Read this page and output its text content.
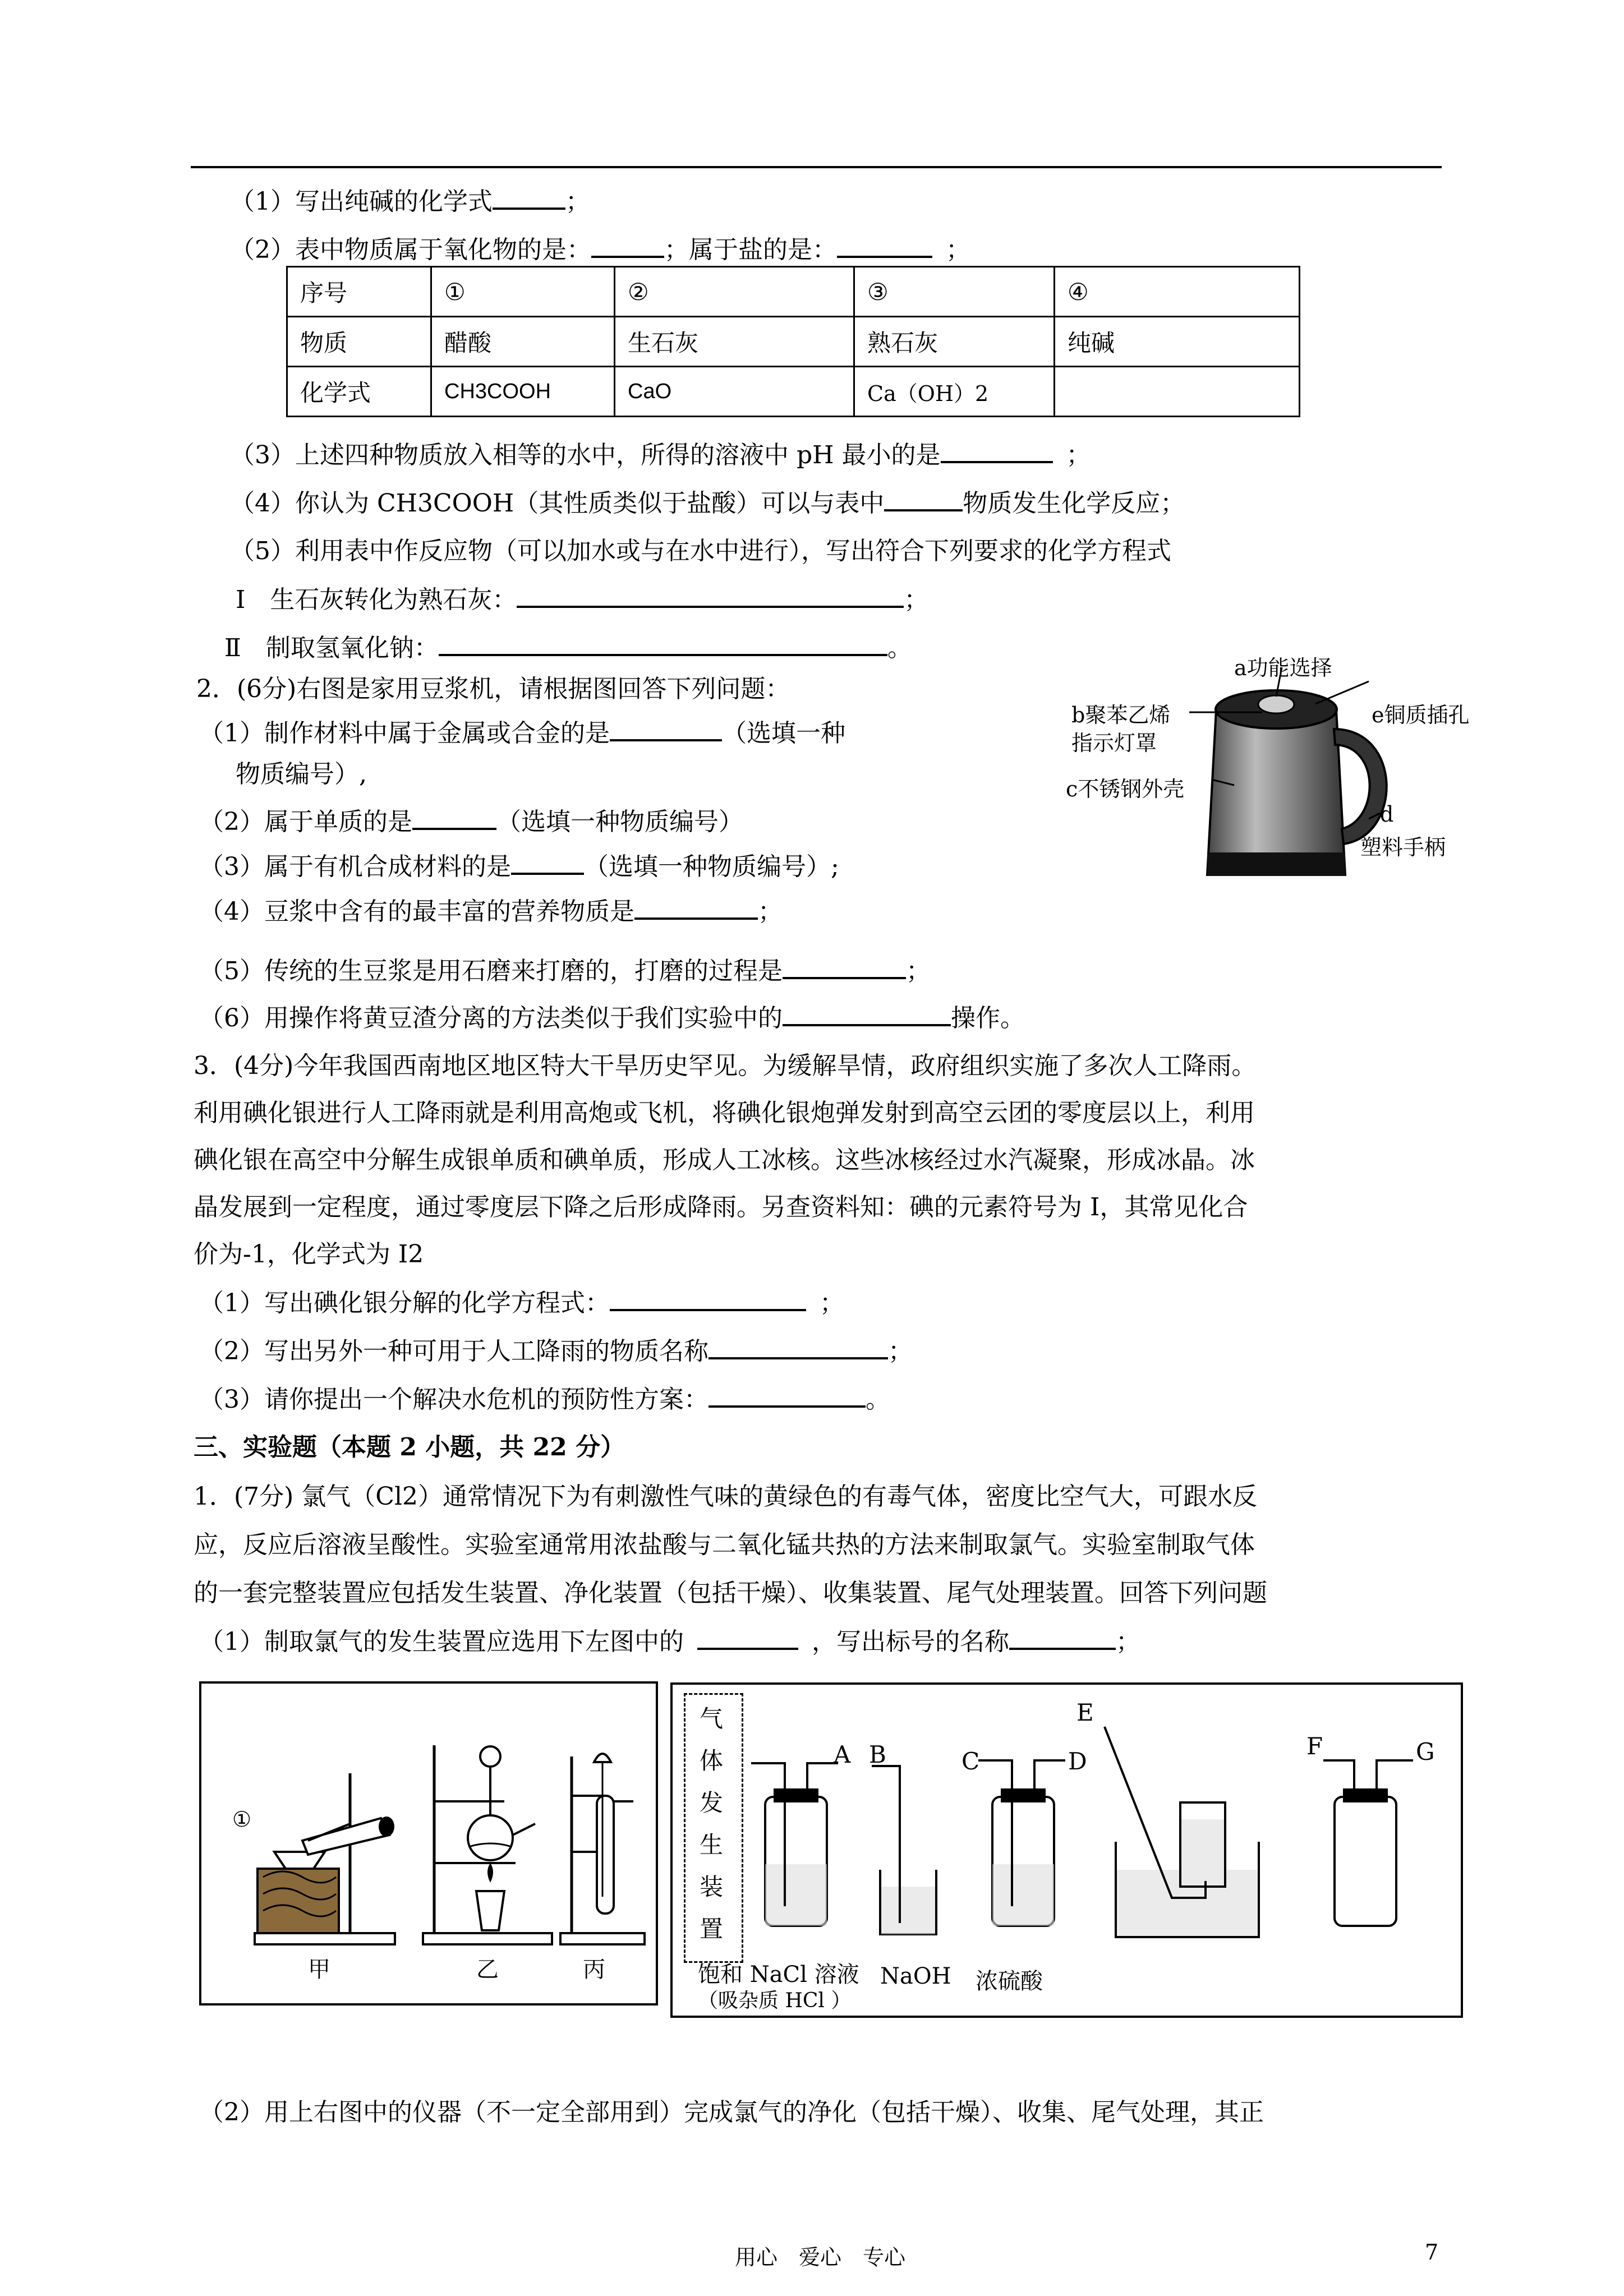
（1）写出纯碱的化学式	；
（2）表中物质属于氧化物的是：	；属于盐的是：	；
序号	①	②	③	④
物质	醋酸	生石灰	熟石灰	纯碱
化学式	CH3COOH	CaO	Ca（OH）2	
（3）上述四种物质放入相等的水中，所得的溶液中 pH 最小的是	；
（4）你认为 CH3COOH（其性质类似于盐酸）可以与表中	物质发生化学反应；
（5）利用表中作反应物（可以加水或与在水中进行），写出符合下列要求的化学方程式
Ⅰ　生石灰转化为熟石灰：	；
Ⅱ　制取氢氧化钠：	。
2．(6分)右图是家用豆浆机，请根据图回答下列问题：
（1）制作材料中属于金属或合金的是	（选填一种
物质编号）,
（2）属于单质的是	（选填一种物质编号）
（3）属于有机合成材料的是	（选填一种物质编号）;
（4）豆浆中含有的最丰富的营养物质是	；
（5）传统的生豆浆是用石磨来打磨的，打磨的过程是	；
（6）用操作将黄豆渣分离的方法类似于我们实验中的	操作。
a功能选择
b聚苯乙烯
指示灯罩
e铜质插孔
c不锈钢外壳
d
塑料手柄
3．(4分)今年我国西南地区地区特大干旱历史罕见。为缓解旱情，政府组织实施了多次人工降雨。
利用碘化银进行人工降雨就是利用高炮或飞机，将碘化银炮弹发射到高空云团的零度层以上，利用
碘化银在高空中分解生成银单质和碘单质，形成人工冰核。这些冰核经过水汽凝聚，形成冰晶。冰
晶发展到一定程度，通过零度层下降之后形成降雨。另查资料知：碘的元素符号为 I，其常见化合
价为-1，化学式为 I2
（1）写出碘化银分解的化学方程式：	；
（2）写出另外一种可用于人工降雨的物质名称	；
（3）请你提出一个解决水危机的预防性方案：	。
三、实验题（本题 2 小题，共 22 分）
1．(7分) 氯气（Cl2）通常情况下为有刺激性气味的黄绿色的有毒气体，密度比空气大，可跟水反
应，反应后溶液呈酸性。实验室通常用浓盐酸与二氧化锰共热的方法来制取氯气。实验室制取气体
的一套完整装置应包括发生装置、净化装置（包括干燥）、收集装置、尾气处理装置。回答下列问题
（1）制取氯气的发生装置应选用下左图中的	，写出标号的名称	；
①
甲	乙	丙
气
体
发
生
装
置
A B	C	D
E
F	G
饱和 NaCl 溶液
（吸杂质 HCl ）
NaOH 浓硫酸
（2）用上右图中的仪器（不一定全部用到）完成氯气的净化（包括干燥）、收集、尾气处理，其正
用心　爱心　专心	7
